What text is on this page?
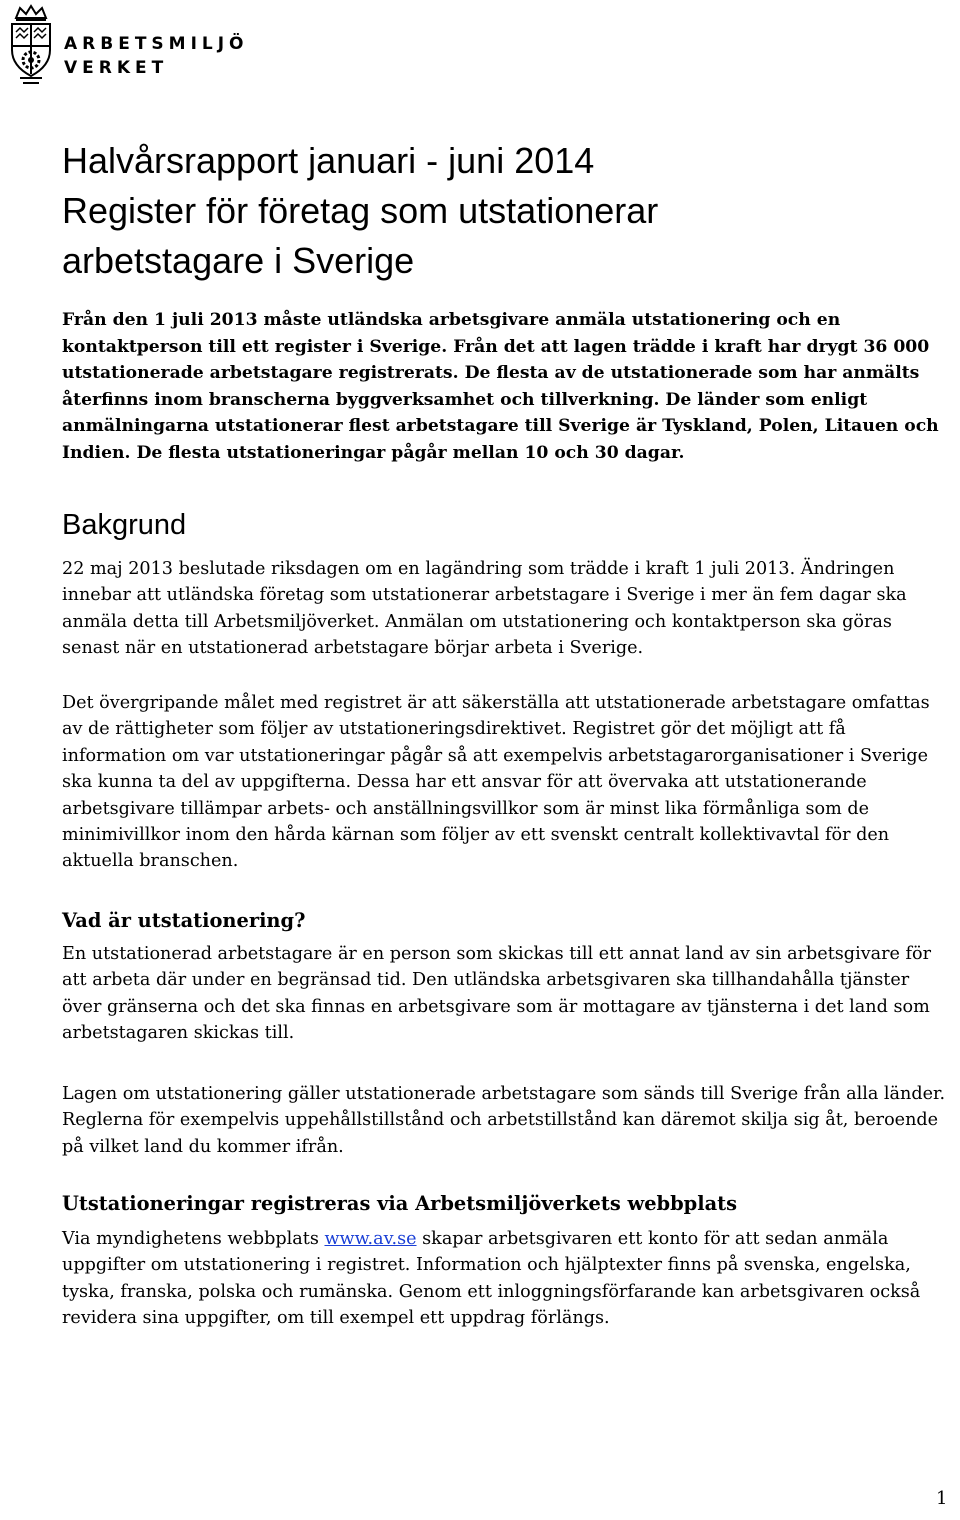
ARBETSMILJÖ
VERKET
Halvårsrapport januari - juni 2014
Register för företag som utstationerar
arbetstagare i Sverige
Från den 1 juli 2013 måste utländska arbetsgivare anmäla utstationering och en kontaktperson till ett register i Sverige. Från det att lagen trädde i kraft har drygt 36 000 utstationerade arbetstagare registrerats. De flesta av de utstationerade som har anmälts återfinns inom branscherna byggverksamhet och tillverkning. De länder som enligt anmälningarna utstationerar flest arbetstagare till Sverige är Tyskland, Polen, Litauen och Indien. De flesta utstationeringar pågår mellan 10 och 30 dagar.
Bakgrund
22 maj 2013 beslutade riksdagen om en lagändring som trädde i kraft 1 juli 2013. Ändringen innebar att utländska företag som utstationerar arbetstagare i Sverige i mer än fem dagar ska anmäla detta till Arbetsmiljöverket. Anmälan om utstationering och kontaktperson ska göras senast när en utstationerad arbetstagare börjar arbeta i Sverige.
Det övergripande målet med registret är att säkerställa att utstationerade arbetstagare omfattas av de rättigheter som följer av utstationeringsdirektivet. Registret gör det möjligt att få information om var utstationeringar pågår så att exempelvis arbetstagarorganisationer i Sverige ska kunna ta del av uppgifterna. Dessa har ett ansvar för att övervaka att utstationerande arbetsgivare tillämpar arbets- och anställningsvillkor som är minst lika förmånliga som de minimivillkor inom den hårda kärnan som följer av ett svenskt centralt kollektivavtal för den aktuella branschen.
Vad är utstationering?
En utstationerad arbetstagare är en person som skickas till ett annat land av sin arbetsgivare för att arbeta där under en begränsad tid. Den utländska arbetsgivaren ska tillhandahålla tjänster över gränserna och det ska finnas en arbetsgivare som är mottagare av tjänsterna i det land som arbetstagaren skickas till.
Lagen om utstationering gäller utstationerade arbetstagare som sänds till Sverige från alla länder. Reglerna för exempelvis uppehållstillstånd och arbetstillstånd kan däremot skilja sig åt, beroende på vilket land du kommer ifrån.
Utstationeringar registreras via Arbetsmiljöverkets webbplats
Via myndighetens webbplats www.av.se skapar arbetsgivaren ett konto för att sedan anmäla uppgifter om utstationering i registret. Information och hjälptexter finns på svenska, engelska, tyska, franska, polska och rumänska. Genom ett inloggningsförfarande kan arbetsgivaren också revidera sina uppgifter, om till exempel ett uppdrag förlängs.
1
